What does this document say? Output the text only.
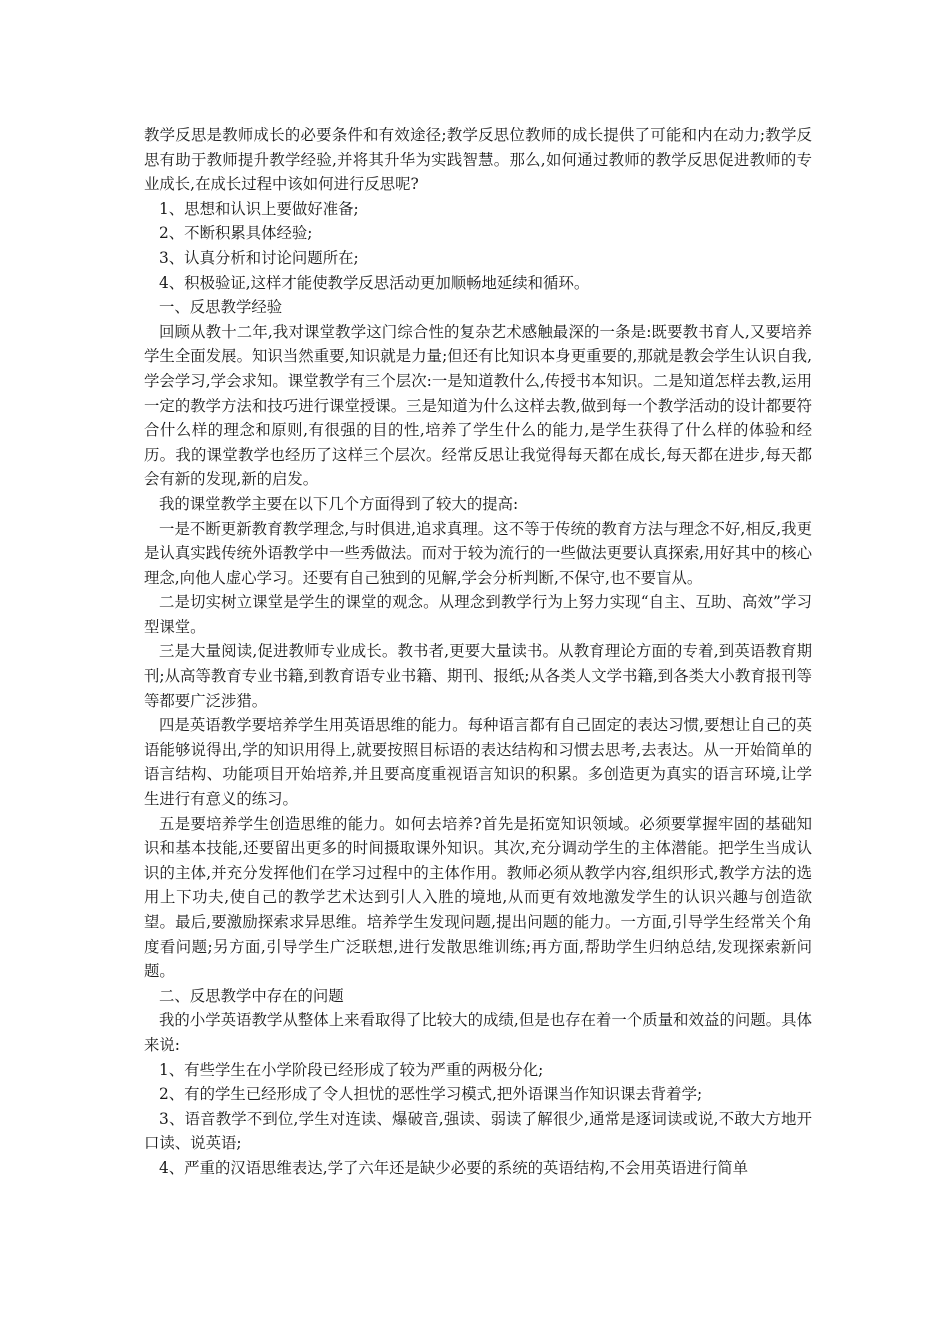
教学反思是教师成长的必要条件和有效途径;教学反思位教师的成长提供了可能和内在动力;教学反思有助于教师提升教学经验,并将其升华为实践智慧。那么,如何通过教师的教学反思促进教师的专业成长,在成长过程中该如何进行反思呢?

1、思想和认识上要做好准备;

2、不断积累具体经验;

3、认真分析和讨论问题所在;

4、积极验证,这样才能使教学反思活动更加顺畅地延续和循环。

一、反思教学经验

回顾从教十二年,我对课堂教学这门综合性的复杂艺术感触最深的一条是:既要教书育人,又要培养学生全面发展。知识当然重要,知识就是力量;但还有比知识本身更重要的,那就是教会学生认识自我,学会学习,学会求知。课堂教学有三个层次:一是知道教什么,传授书本知识。二是知道怎样去教,运用一定的教学方法和技巧进行课堂授课。三是知道为什么这样去教,做到每一个教学活动的设计都要符合什么样的理念和原则,有很强的目的性,培养了学生什么的能力,是学生获得了什么样的体验和经历。我的课堂教学也经历了这样三个层次。经常反思让我觉得每天都在成长,每天都在进步,每天都会有新的发现,新的启发。

我的课堂教学主要在以下几个方面得到了较大的提高:

一是不断更新教育教学理念,与时俱进,追求真理。这不等于传统的教育方法与理念不好,相反,我更是认真实践传统外语教学中一些秀做法。而对于较为流行的一些做法更要认真探索,用好其中的核心理念,向他人虚心学习。还要有自己独到的见解,学会分析判断,不保守,也不要盲从。

二是切实树立课堂是学生的课堂的观念。从理念到教学行为上努力实现“自主、互助、高效”学习型课堂。

三是大量阅读,促进教师专业成长。教书者,更要大量读书。从教育理论方面的专着,到英语教育期刊;从高等教育专业书籍,到教育语专业书籍、期刊、报纸;从各类人文学书籍,到各类大小教育报刊等等都要广泛涉猎。

四是英语教学要培养学生用英语思维的能力。每种语言都有自己固定的表达习惯,要想让自己的英语能够说得出,学的知识用得上,就要按照目标语的表达结构和习惯去思考,去表达。从一开始简单的语言结构、功能项目开始培养,并且要高度重视语言知识的积累。多创造更为真实的语言环境,让学生进行有意义的练习。

五是要培养学生创造思维的能力。如何去培养?首先是拓宽知识领域。必须要掌握牢固的基础知识和基本技能,还要留出更多的时间摄取课外知识。其次,充分调动学生的主体潜能。把学生当成认识的主体,并充分发挥他们在学习过程中的主体作用。教师必须从教学内容,组织形式,教学方法的选用上下功夫,使自己的教学艺术达到引人入胜的境地,从而更有效地激发学生的认识兴趣与创造欲望。最后,要激励探索求异思维。培养学生发现问题,提出问题的能力。一方面,引导学生经常关个角度看问题;另方面,引导学生广泛联想,进行发散思维训练;再方面,帮助学生归纳总结,发现探索新问题。

二、反思教学中存在的问题

我的小学英语教学从整体上来看取得了比较大的成绩,但是也存在着一个质量和效益的问题。具体来说:

1、有些学生在小学阶段已经形成了较为严重的两极分化;

2、有的学生已经形成了令人担忧的恶性学习模式,把外语课当作知识课去背着学;

3、语音教学不到位,学生对连读、爆破音,强读、弱读了解很少,通常是逐词读或说,不敢大方地开口读、说英语;

4、严重的汉语思维表达,学了六年还是缺少必要的系统的英语结构,不会用英语进行简单
